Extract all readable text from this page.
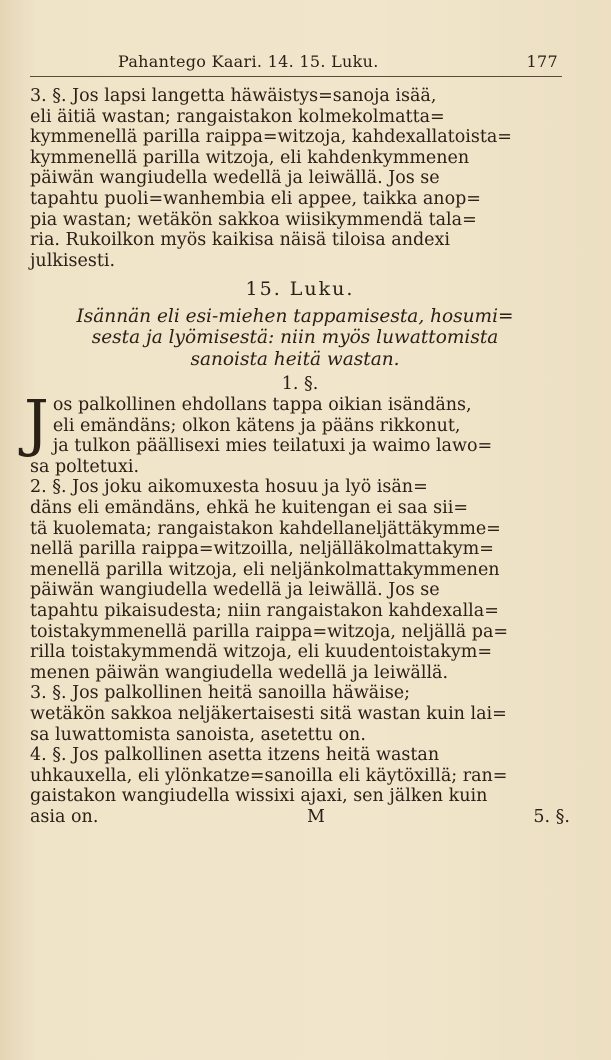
Pahantego Kaari. 14. 15. Luku.	177

3. §. Jos lapsi langetta häwäistys=sanoja isää,

eli äitiä wastan; rangaistakon kolmekolmatta=

kymmenellä parilla raippa=witzoja, kahdexallatoista=

kymmenellä parilla witzoja, eli kahdenkymmenen

päiwän wangiudella wedellä ja leiwällä. Jos se

tapahtu puoli=wanhembia eli appee, taikka anop=

pia wastan; wetäkön sakkoa wiisikymmendä tala=

ria. Rukoilkon myös kaikisa näisä tiloisa andexi

julkisesti.

15. Luku.
Isännän eli esi-miehen tappamisesta, hosumi=
sesta ja lyömisestä: niin myös luwattomista
sanoista heitä wastan.
1. §.
J os palkollinen ehdollans tappa oikian isändäns,

eli emändäns; olkon kätens ja pääns rikkonut,

ja tulkon päällisexi mies teilatuxi ja waimo lawo=

sa poltetuxi.

2. §. Jos joku aikomuxesta hosuu ja lyö isän=

däns eli emändäns, ehkä he kuitengan ei saa sii=

tä kuolemata; rangaistakon kahdellaneljättäkymme=

nellä parilla raippa=witzoilla, neljälläkolmattakym=

menellä parilla witzoja, eli neljänkolmattakymmenen

päiwän wangiudella wedellä ja leiwällä. Jos se

tapahtu pikaisudesta; niin rangaistakon kahdexalla=

toistakymmenellä parilla raippa=witzoja, neljällä pa=

rilla toistakymmendä witzoja, eli kuudentoistakym=

menen päiwän wangiudella wedellä ja leiwällä.

3. §. Jos palkollinen heitä sanoilla häwäise;

wetäkön sakkoa neljäkertaisesti sitä wastan kuin lai=

sa luwattomista sanoista, asetettu on.

4. §. Jos palkollinen asetta itzens heitä wastan

uhkauxella, eli ylönkatze=sanoilla eli käytöxillä; ran=

gaistakon wangiudella wissixi ajaxi, sen jälken kuin

asia on.	M	5. §.
